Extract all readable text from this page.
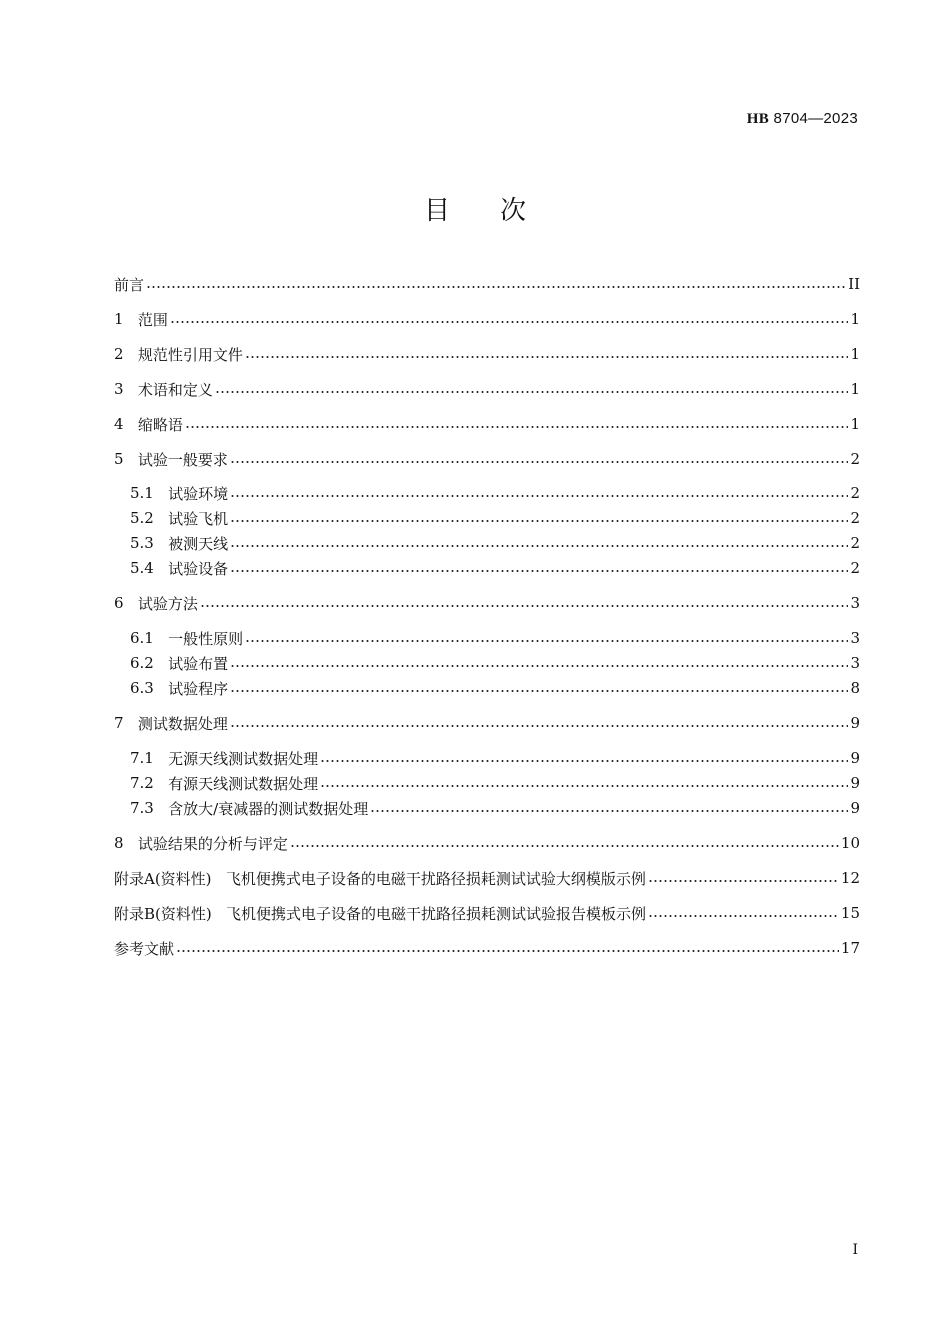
HB 8704—2023
目次
前言	II
1 范围	1
2 规范性引用文件	1
3 术语和定义	1
4 缩略语	1
5 试验一般要求	2
5.1 试验环境	2
5.2 试验飞机	2
5.3 被测天线	2
5.4 试验设备	2
6 试验方法	3
6.1 一般性原则	3
6.2 试验布置	3
6.3 试验程序	8
7 测试数据处理	9
7.1 无源天线测试数据处理	9
7.2 有源天线测试数据处理	9
7.3 含放大/衰减器的测试数据处理	9
8 试验结果的分析与评定	10
附录A(资料性) 飞机便携式电子设备的电磁干扰路径损耗测试试验大纲模版示例	12
附录B(资料性) 飞机便携式电子设备的电磁干扰路径损耗测试试验报告模板示例	15
参考文献	17
I
